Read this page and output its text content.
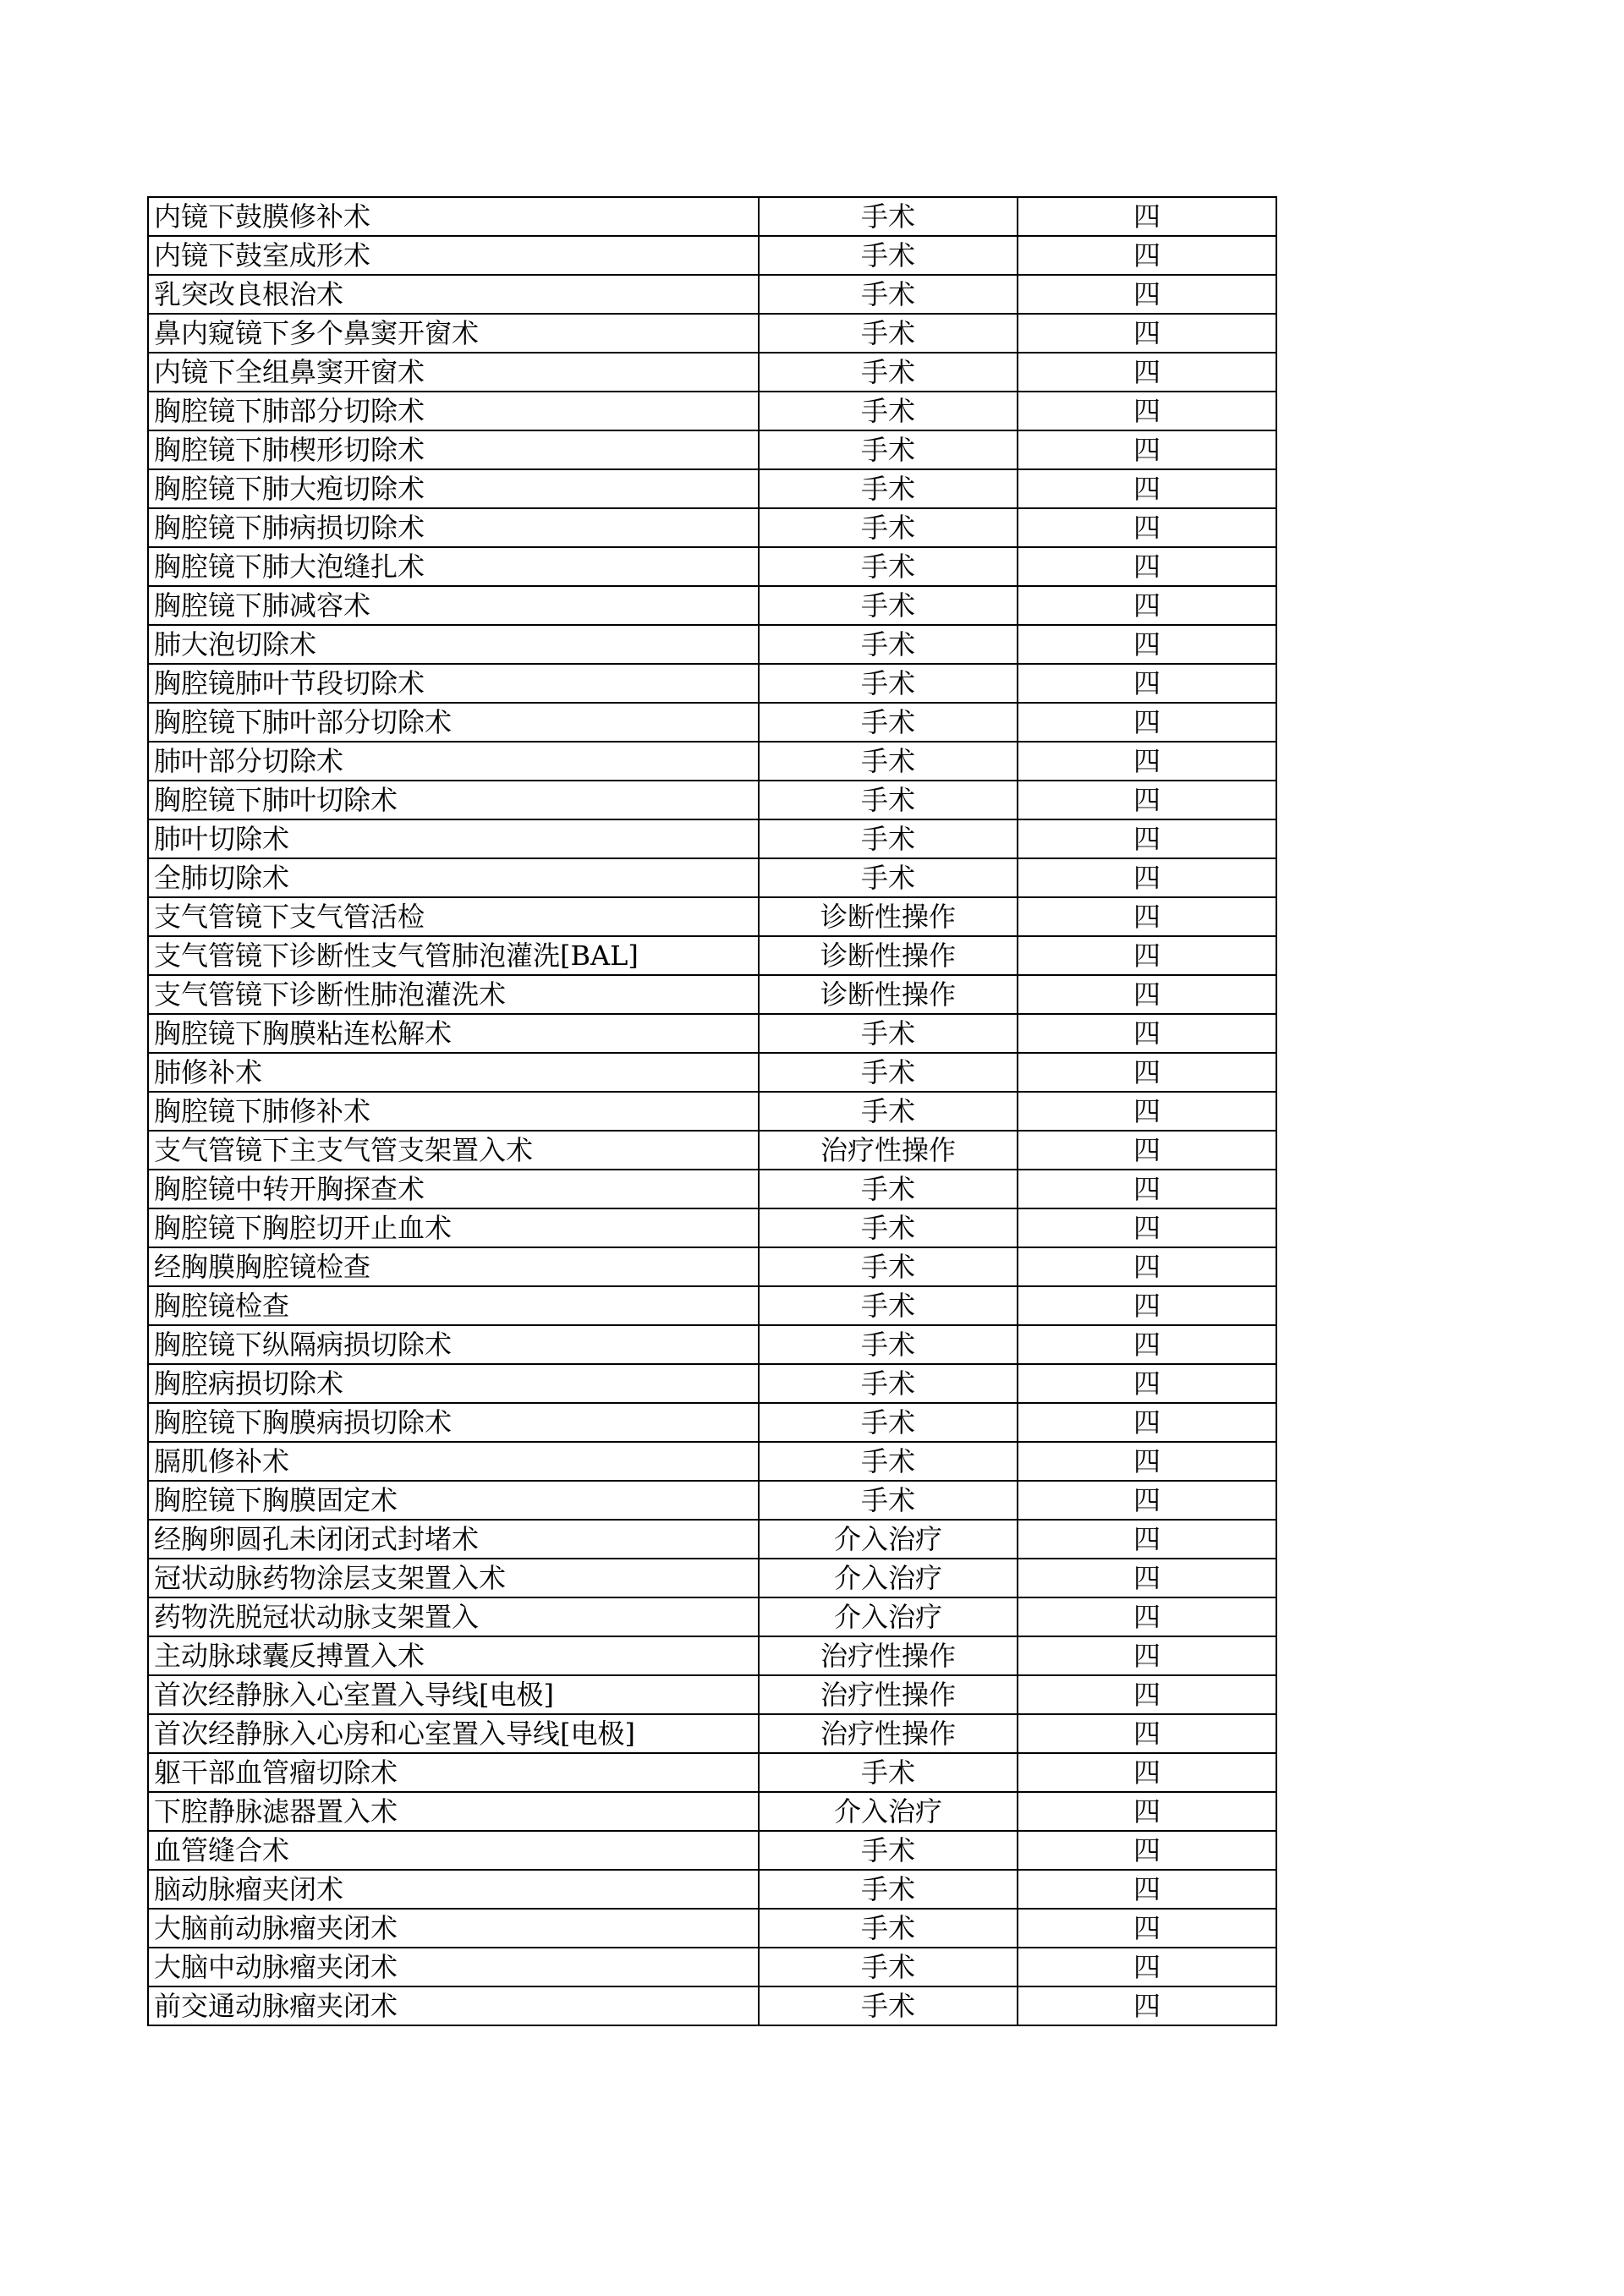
内镜下鼓膜修补术	手术	四
内镜下鼓室成形术	手术	四
乳突改良根治术	手术	四
鼻内窥镜下多个鼻窦开窗术	手术	四
内镜下全组鼻窦开窗术	手术	四
胸腔镜下肺部分切除术	手术	四
胸腔镜下肺楔形切除术	手术	四
胸腔镜下肺大疱切除术	手术	四
胸腔镜下肺病损切除术	手术	四
胸腔镜下肺大泡缝扎术	手术	四
胸腔镜下肺减容术	手术	四
肺大泡切除术	手术	四
胸腔镜肺叶节段切除术	手术	四
胸腔镜下肺叶部分切除术	手术	四
肺叶部分切除术	手术	四
胸腔镜下肺叶切除术	手术	四
肺叶切除术	手术	四
全肺切除术	手术	四
支气管镜下支气管活检	诊断性操作	四
支气管镜下诊断性支气管肺泡灌洗[BAL]	诊断性操作	四
支气管镜下诊断性肺泡灌洗术	诊断性操作	四
胸腔镜下胸膜粘连松解术	手术	四
肺修补术	手术	四
胸腔镜下肺修补术	手术	四
支气管镜下主支气管支架置入术	治疗性操作	四
胸腔镜中转开胸探查术	手术	四
胸腔镜下胸腔切开止血术	手术	四
经胸膜胸腔镜检查	手术	四
胸腔镜检查	手术	四
胸腔镜下纵隔病损切除术	手术	四
胸腔病损切除术	手术	四
胸腔镜下胸膜病损切除术	手术	四
膈肌修补术	手术	四
胸腔镜下胸膜固定术	手术	四
经胸卵圆孔未闭闭式封堵术	介入治疗	四
冠状动脉药物涂层支架置入术	介入治疗	四
药物洗脱冠状动脉支架置入	介入治疗	四
主动脉球囊反搏置入术	治疗性操作	四
首次经静脉入心室置入导线[电极]	治疗性操作	四
首次经静脉入心房和心室置入导线[电极]	治疗性操作	四
躯干部血管瘤切除术	手术	四
下腔静脉滤器置入术	介入治疗	四
血管缝合术	手术	四
脑动脉瘤夹闭术	手术	四
大脑前动脉瘤夹闭术	手术	四
大脑中动脉瘤夹闭术	手术	四
前交通动脉瘤夹闭术	手术	四
